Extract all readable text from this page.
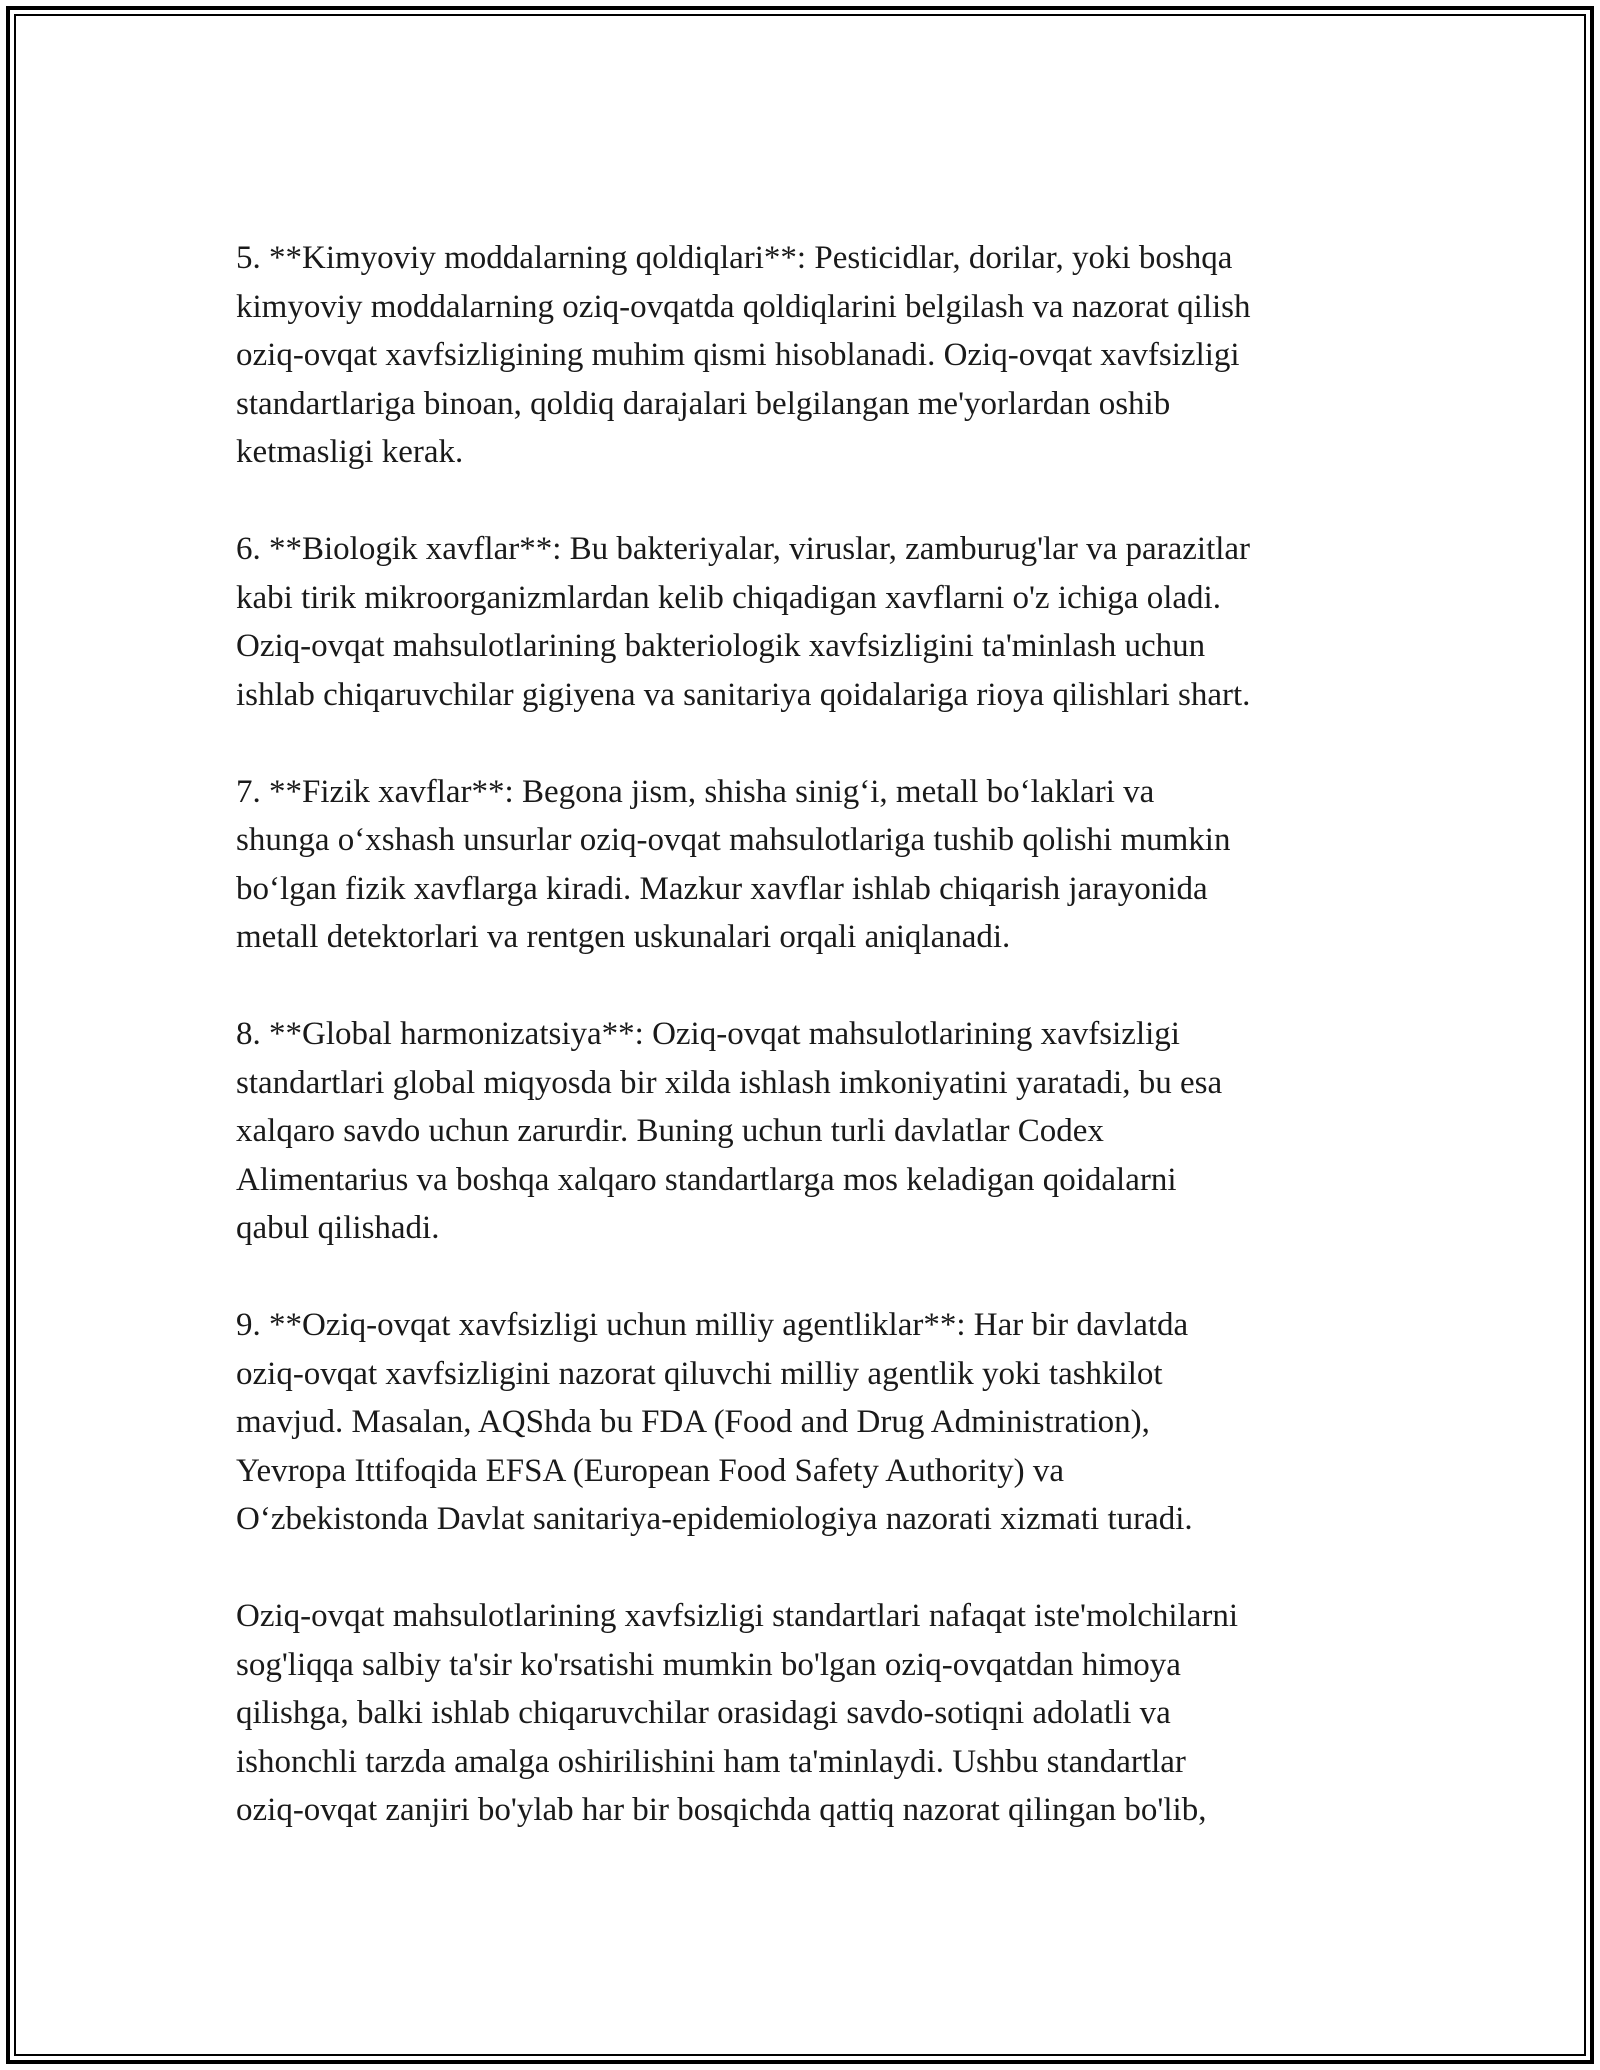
5. **Kimyoviy moddalarning qoldiqlari**: Pesticidlar, dorilar, yoki boshqa
kimyoviy moddalarning oziq-ovqatda qoldiqlarini belgilash va nazorat qilish
oziq-ovqat xavfsizligining muhim qismi hisoblanadi. Oziq-ovqat xavfsizligi
standartlariga binoan, qoldiq darajalari belgilangan me'yorlardan oshib
ketmasligi kerak.

6. **Biologik xavflar**: Bu bakteriyalar, viruslar, zamburug'lar va parazitlar
kabi tirik mikroorganizmlardan kelib chiqadigan xavflarni o'z ichiga oladi.
Oziq-ovqat mahsulotlarining bakteriologik xavfsizligini ta'minlash uchun
ishlab chiqaruvchilar gigiyena va sanitariya qoidalariga rioya qilishlari shart.

7. **Fizik xavflar**: Begona jism, shisha sinig‘i, metall bo‘laklari va
shunga o‘xshash unsurlar oziq-ovqat mahsulotlariga tushib qolishi mumkin
bo‘lgan fizik xavflarga kiradi. Mazkur xavflar ishlab chiqarish jarayonida
metall detektorlari va rentgen uskunalari orqali aniqlanadi.

8. **Global harmonizatsiya**: Oziq-ovqat mahsulotlarining xavfsizligi
standartlari global miqyosda bir xilda ishlash imkoniyatini yaratadi, bu esa
xalqaro savdo uchun zarurdir. Buning uchun turli davlatlar Codex
Alimentarius va boshqa xalqaro standartlarga mos keladigan qoidalarni
qabul qilishadi.

9. **Oziq-ovqat xavfsizligi uchun milliy agentliklar**: Har bir davlatda
oziq-ovqat xavfsizligini nazorat qiluvchi milliy agentlik yoki tashkilot
mavjud. Masalan, AQShda bu FDA (Food and Drug Administration),
Yevropa Ittifoqida EFSA (European Food Safety Authority) va
O‘zbekistonda Davlat sanitariya-epidemiologiya nazorati xizmati turadi.

Oziq-ovqat mahsulotlarining xavfsizligi standartlari nafaqat iste'molchilarni
sog'liqqa salbiy ta'sir ko'rsatishi mumkin bo'lgan oziq-ovqatdan himoya
qilishga, balki ishlab chiqaruvchilar orasidagi savdo-sotiqni adolatli va
ishonchli tarzda amalga oshirilishini ham ta'minlaydi. Ushbu standartlar
oziq-ovqat zanjiri bo'ylab har bir bosqichda qattiq nazorat qilingan bo'lib,
